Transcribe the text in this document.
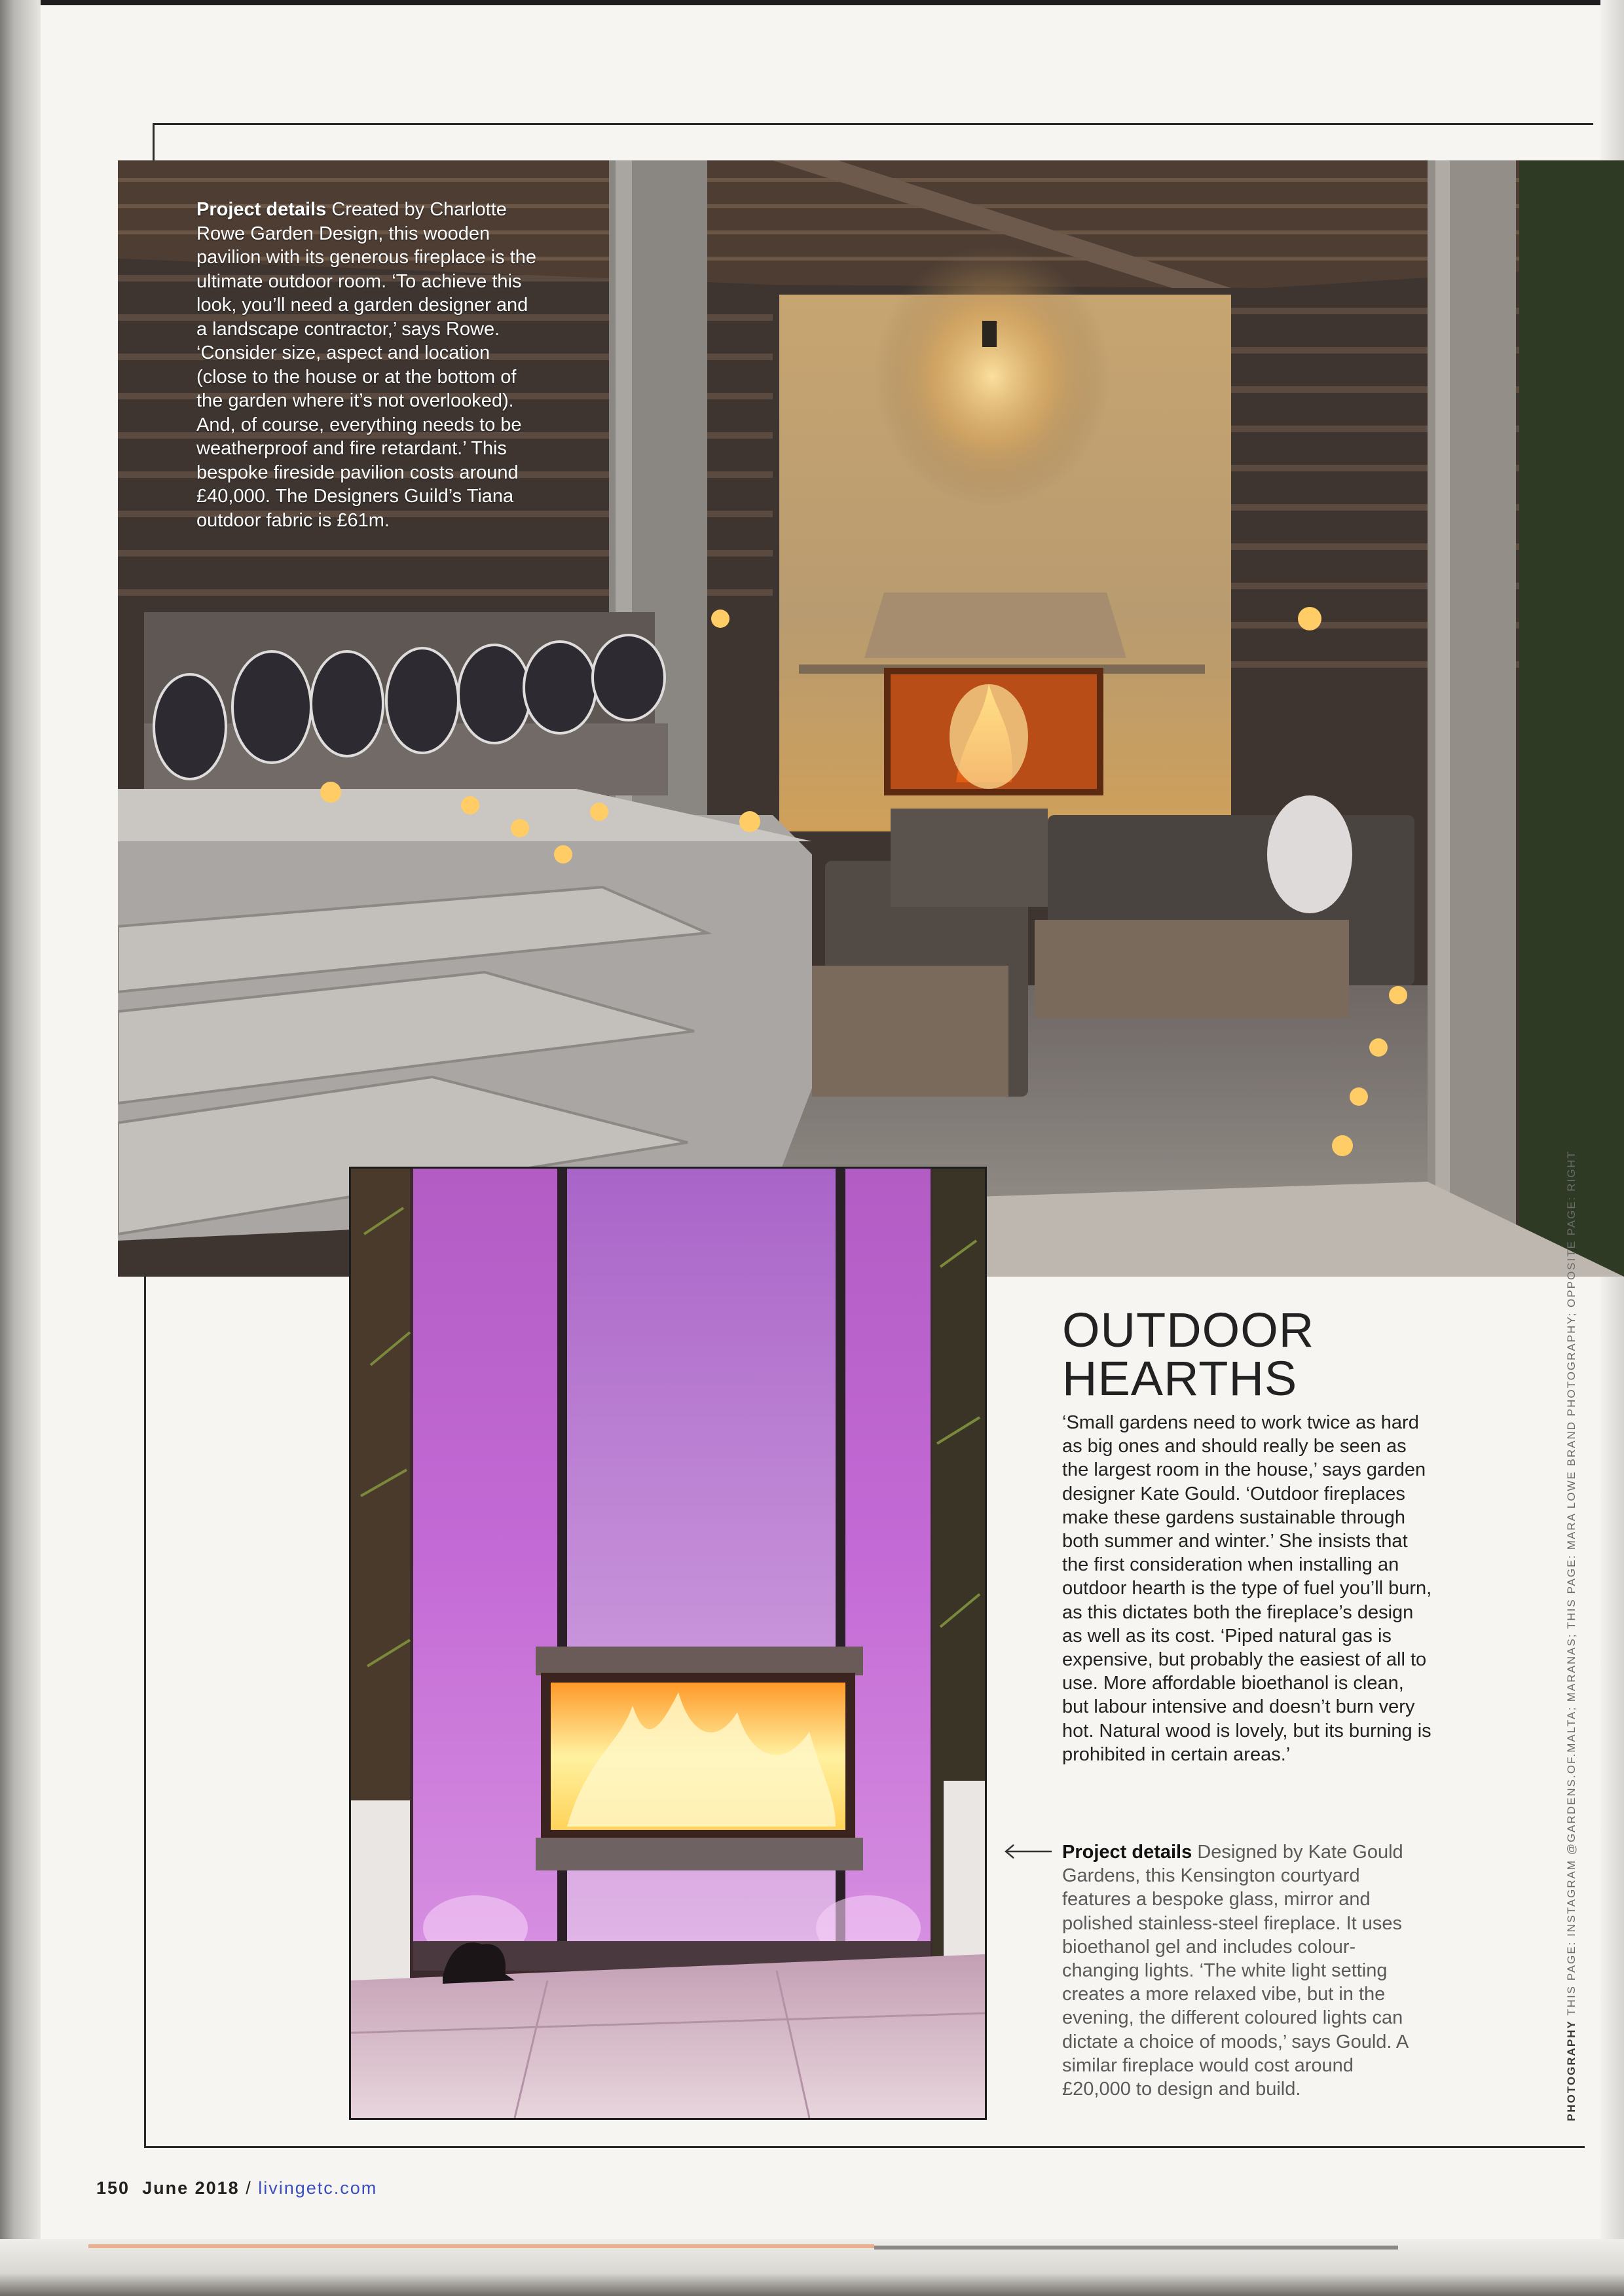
Project details Created by Charlotte Rowe Garden Design, this wooden pavilion with its generous fireplace is the ultimate outdoor room. ‘To achieve this look, you’ll need a garden designer and a landscape contractor,’ says Rowe. ‘Consider size, aspect and location (close to the house or at the bottom of the garden where it’s not overlooked). And, of course, everything needs to be weatherproof and fire retardant.’ This bespoke fireside pavilion costs around £40,000. The Designers Guild’s Tiana outdoor fabric is £61m.
OUTDOOR
HEARTHS
‘Small gardens need to work twice as hard as big ones and should really be seen as the largest room in the house,’ says garden designer Kate Gould. ‘Outdoor fireplaces make these gardens sustainable through both summer and winter.’ She insists that the first consideration when installing an outdoor hearth is the type of fuel you’ll burn, as this dictates both the fireplace’s design as well as its cost. ‘Piped natural gas is expensive, but probably the easiest of all to use. More affordable bioethanol is clean, but labour intensive and doesn’t burn very hot. Natural wood is lovely, but its burning is prohibited in certain areas.’
Project details Designed by Kate Gould Gardens, this Kensington courtyard features a bespoke glass, mirror and polished stainless-steel fireplace. It uses bioethanol gel and includes colour-changing lights. ‘The white light setting creates a more relaxed vibe, but in the evening, the different coloured lights can dictate a choice of moods,’ says Gould. A similar fireplace would cost around £20,000 to design and build.	PHOTOGRAPHY THIS PAGE: INSTAGRAM @GARDENS.OF.MALTA; MARANAS; THIS PAGE: MARA LOWE BRAND PHOTOGRAPHY; OPPOSITE PAGE: RIGHT
150 June 2018 / livingetc.com
